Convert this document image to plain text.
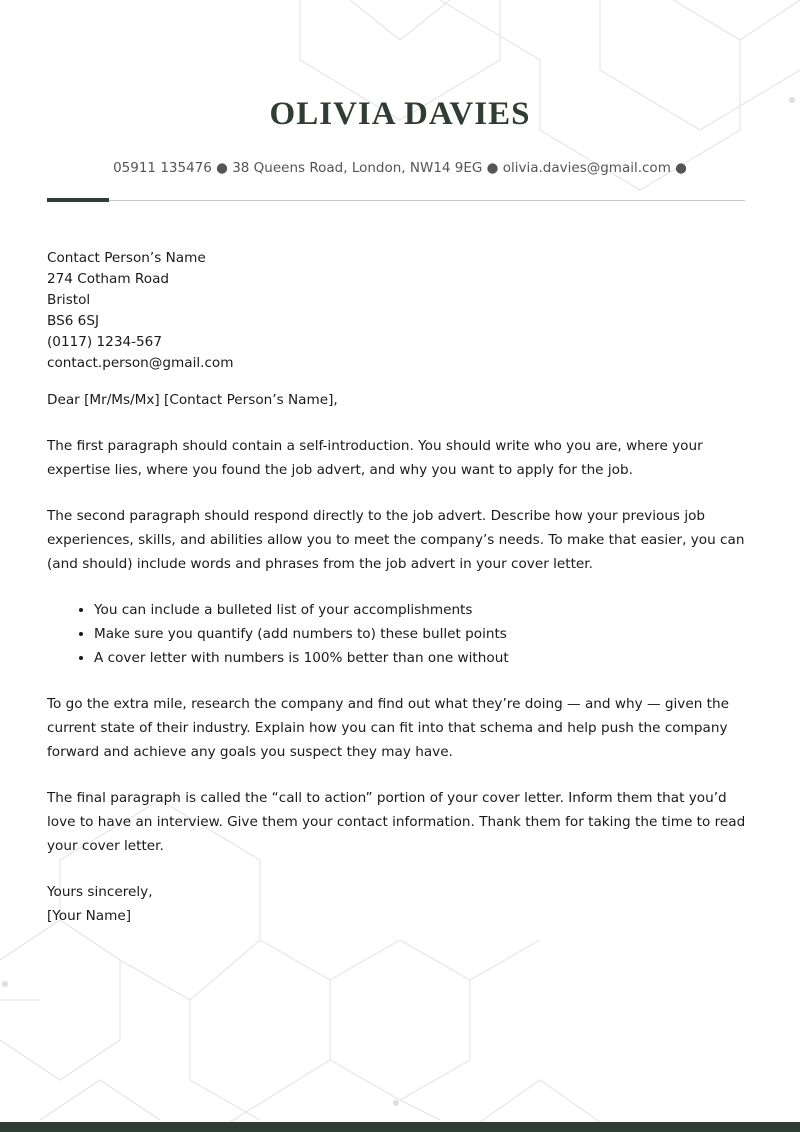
OLIVIA DAVIES
05911 135476 ● 38 Queens Road, London, NW14 9EG ● olivia.davies@gmail.com ●
Contact Person’s Name
274 Cotham Road
Bristol
BS6 6SJ
(0117) 1234-567
contact.person@gmail.com

Dear [Mr/Ms/Mx] [Contact Person’s Name],

The first paragraph should contain a self-introduction. You should write who you are, where your expertise lies, where you found the job advert, and why you want to apply for the job.

The second paragraph should respond directly to the job advert. Describe how your previous job experiences, skills, and abilities allow you to meet the company’s needs. To make that easier, you can (and should) include words and phrases from the job advert in your cover letter.

• You can include a bulleted list of your accomplishments
• Make sure you quantify (add numbers to) these bullet points
• A cover letter with numbers is 100% better than one without

To go the extra mile, research the company and find out what they’re doing — and why — given the current state of their industry. Explain how you can fit into that schema and help push the company forward and achieve any goals you suspect they may have.

The final paragraph is called the “call to action” portion of your cover letter. Inform them that you’d love to have an interview. Give them your contact information. Thank them for taking the time to read your cover letter.

Yours sincerely,

[Your Name]
